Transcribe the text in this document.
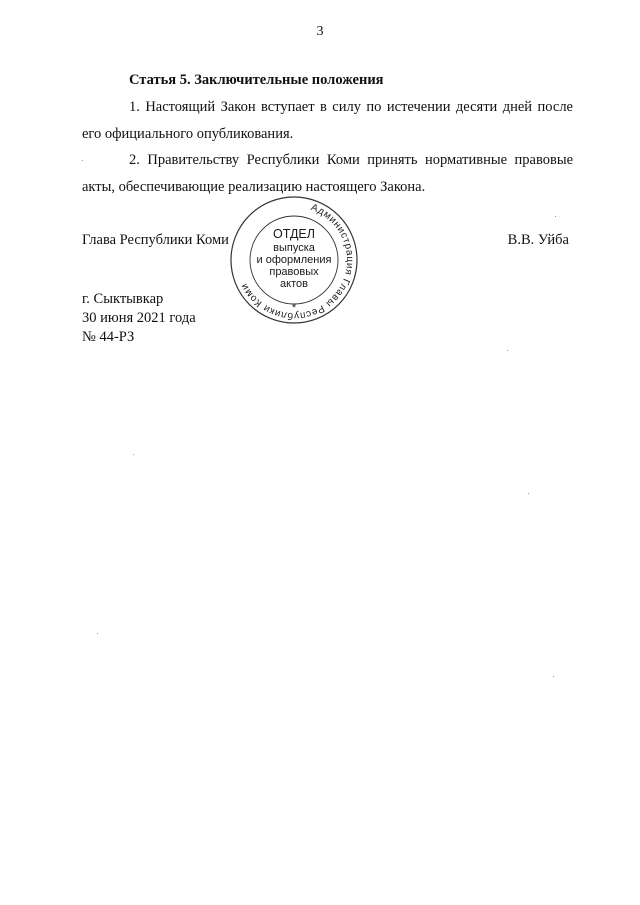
3
Статья 5. Заключительные положения

1. Настоящий Закон вступает в силу по истечении десяти дней после его официального опубликования.

2. Правительству Республики Коми принять нормативные правовые акты, обеспечивающие реализацию настоящего Закона.

Глава Республики Коми	В.В. Уйба
Администрация Главы Республики Коми
*
ОТДЕЛ
выпуска
и оформления
правовых
актов
г. Сыктывкар
30 июня 2021 года
№ 44-РЗ
